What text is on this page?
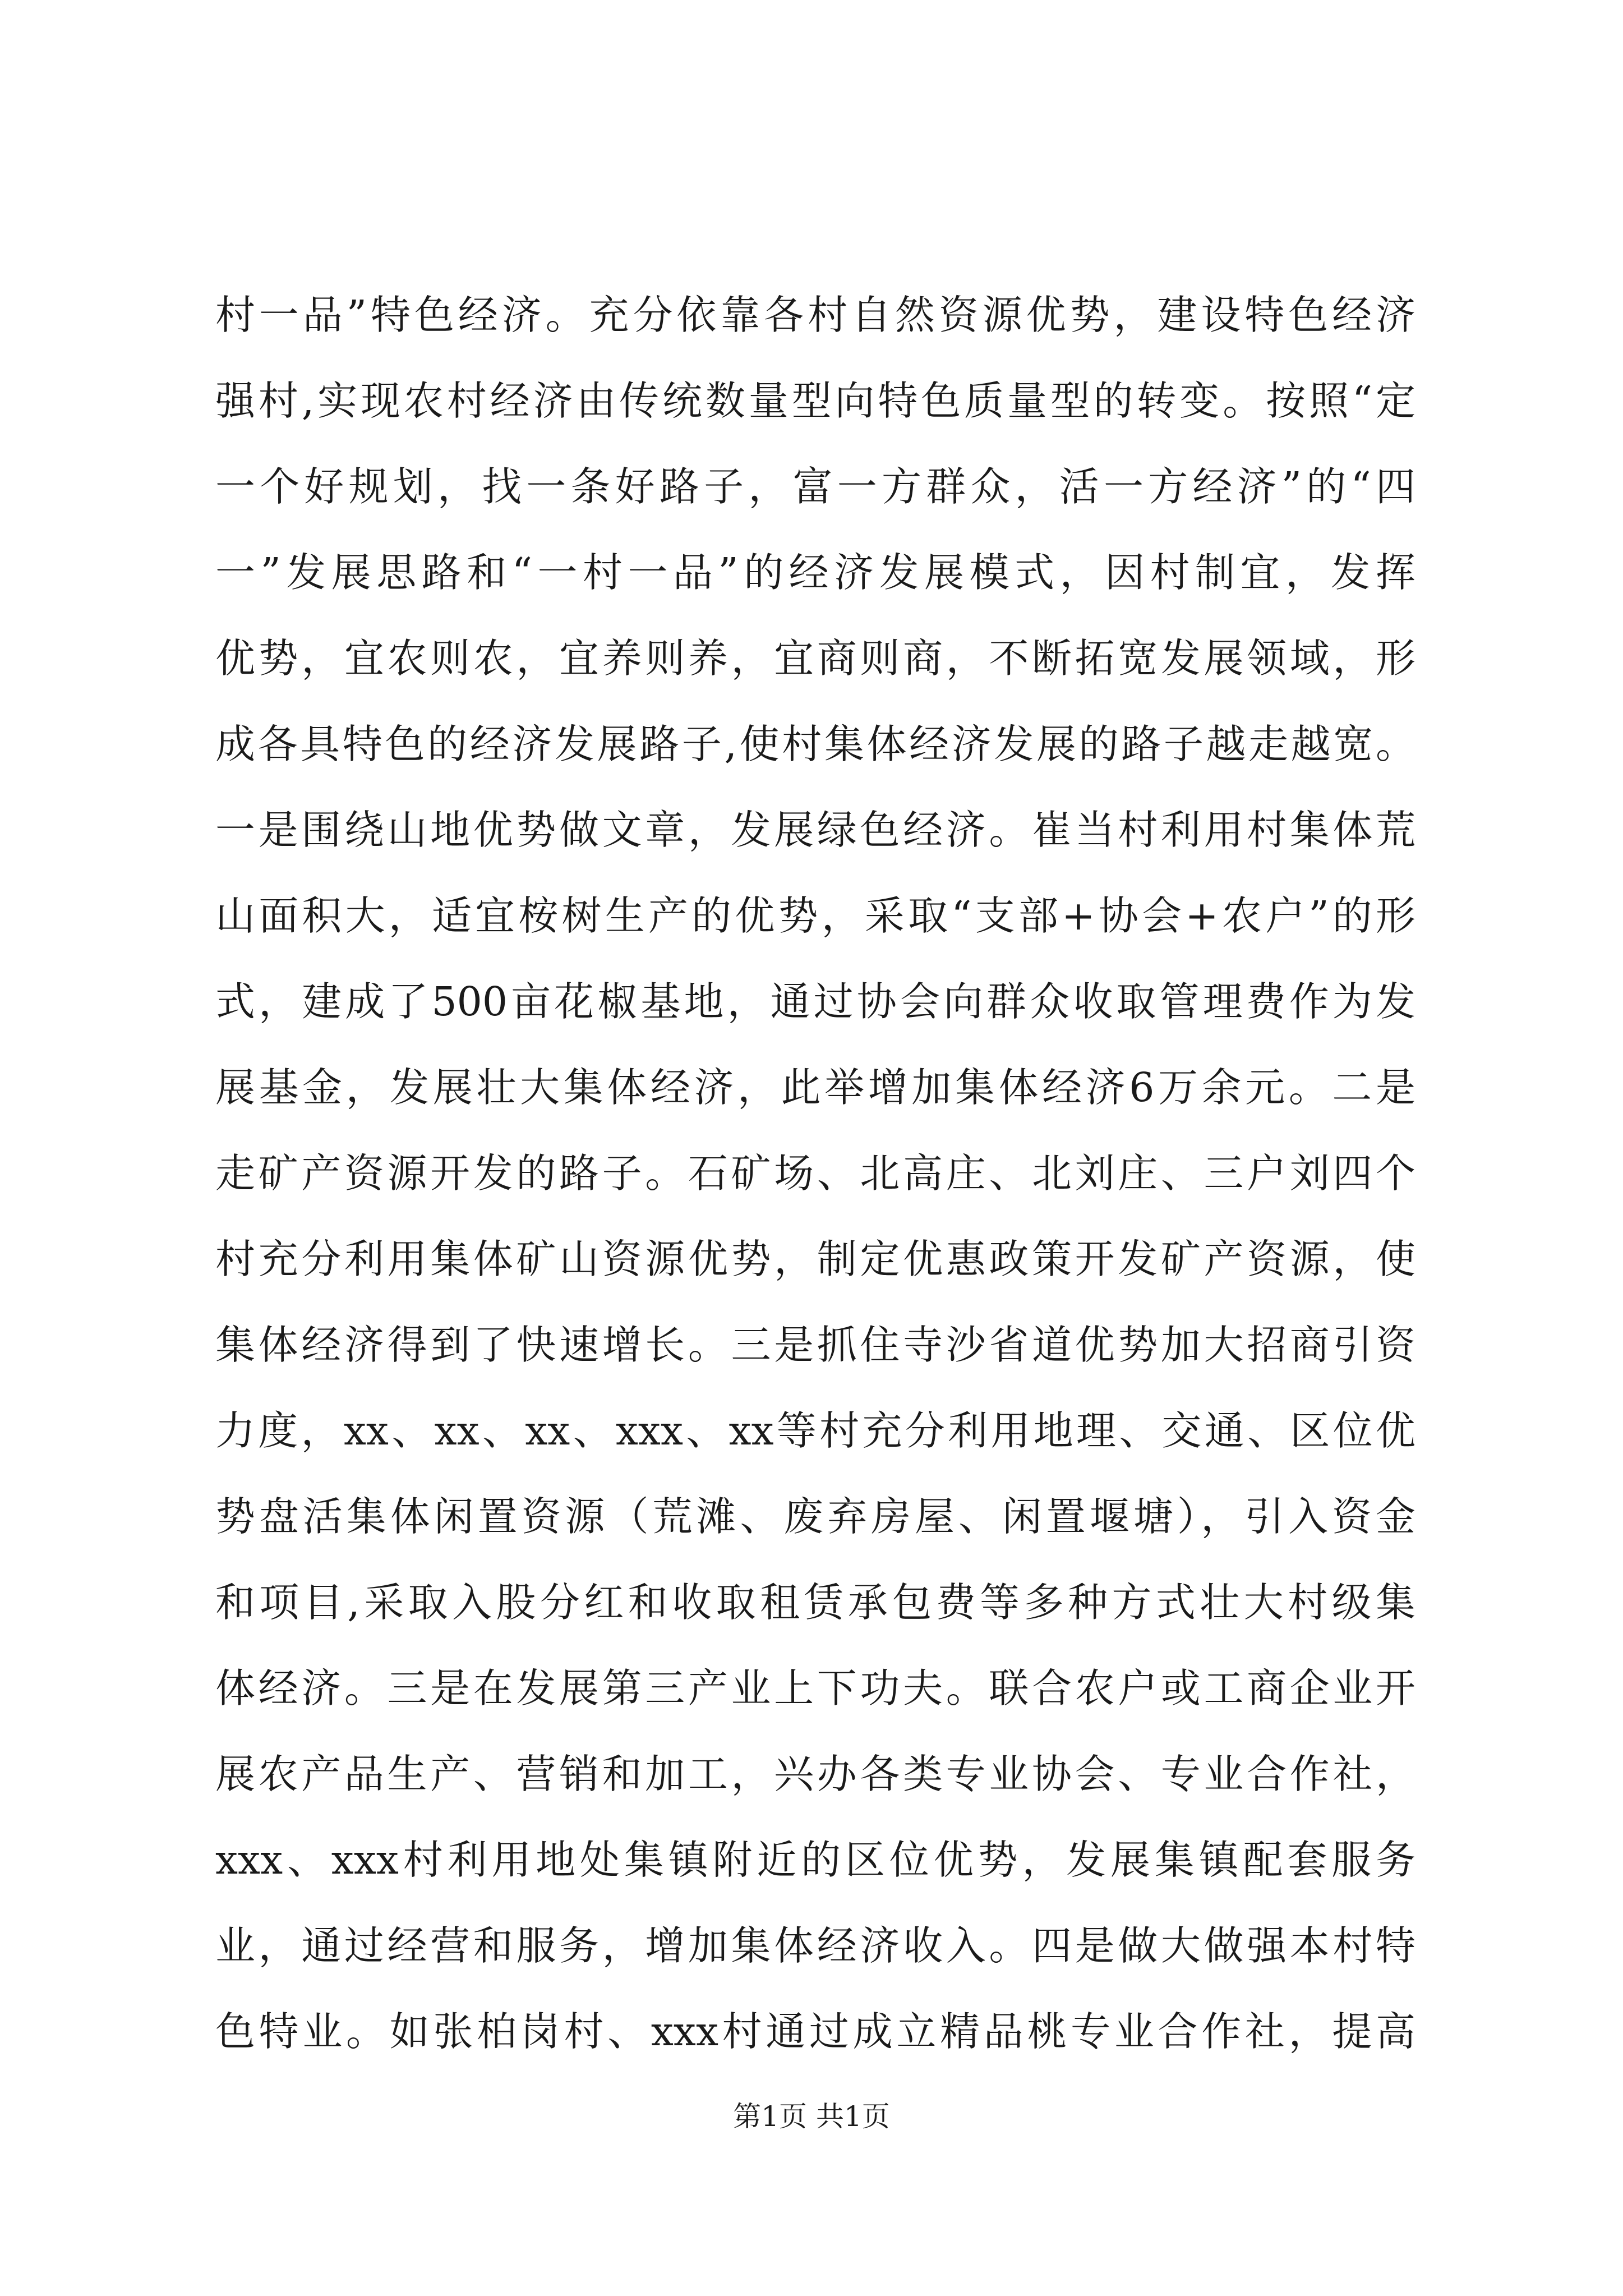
村一品”特色经济。充分依靠各村自然资源优势，建设特色经济
强村,实现农村经济由传统数量型向特色质量型的转变。按照“定
一个好规划，找一条好路子，富一方群众，活一方经济”的“四
一”发展思路和“一村一品”的经济发展模式，因村制宜，发挥
优势，宜农则农，宜养则养，宜商则商，不断拓宽发展领域，形
成各具特色的经济发展路子,使村集体经济发展的路子越走越宽。
一是围绕山地优势做文章，发展绿色经济。崔当村利用村集体荒
山面积大，适宜桉树生产的优势，采取“支部+协会+农户”的形
式，建成了500亩花椒基地，通过协会向群众收取管理费作为发
展基金，发展壮大集体经济，此举增加集体经济6万余元。二是
走矿产资源开发的路子。石矿场、北高庄、北刘庄、三户刘四个
村充分利用集体矿山资源优势，制定优惠政策开发矿产资源，使
集体经济得到了快速增长。三是抓住寺沙省道优势加大招商引资
力度，xx、xx、xx、xxx、xx等村充分利用地理、交通、区位优
势盘活集体闲置资源（荒滩、废弃房屋、闲置堰塘），引入资金
和项目,采取入股分红和收取租赁承包费等多种方式壮大村级集
体经济。三是在发展第三产业上下功夫。联合农户或工商企业开
展农产品生产、营销和加工，兴办各类专业协会、专业合作社，
xxx、xxx村利用地处集镇附近的区位优势，发展集镇配套服务
业，通过经营和服务，增加集体经济收入。四是做大做强本村特
色特业。如张柏岗村、xxx村通过成立精品桃专业合作社，提高
第1页 共1页
